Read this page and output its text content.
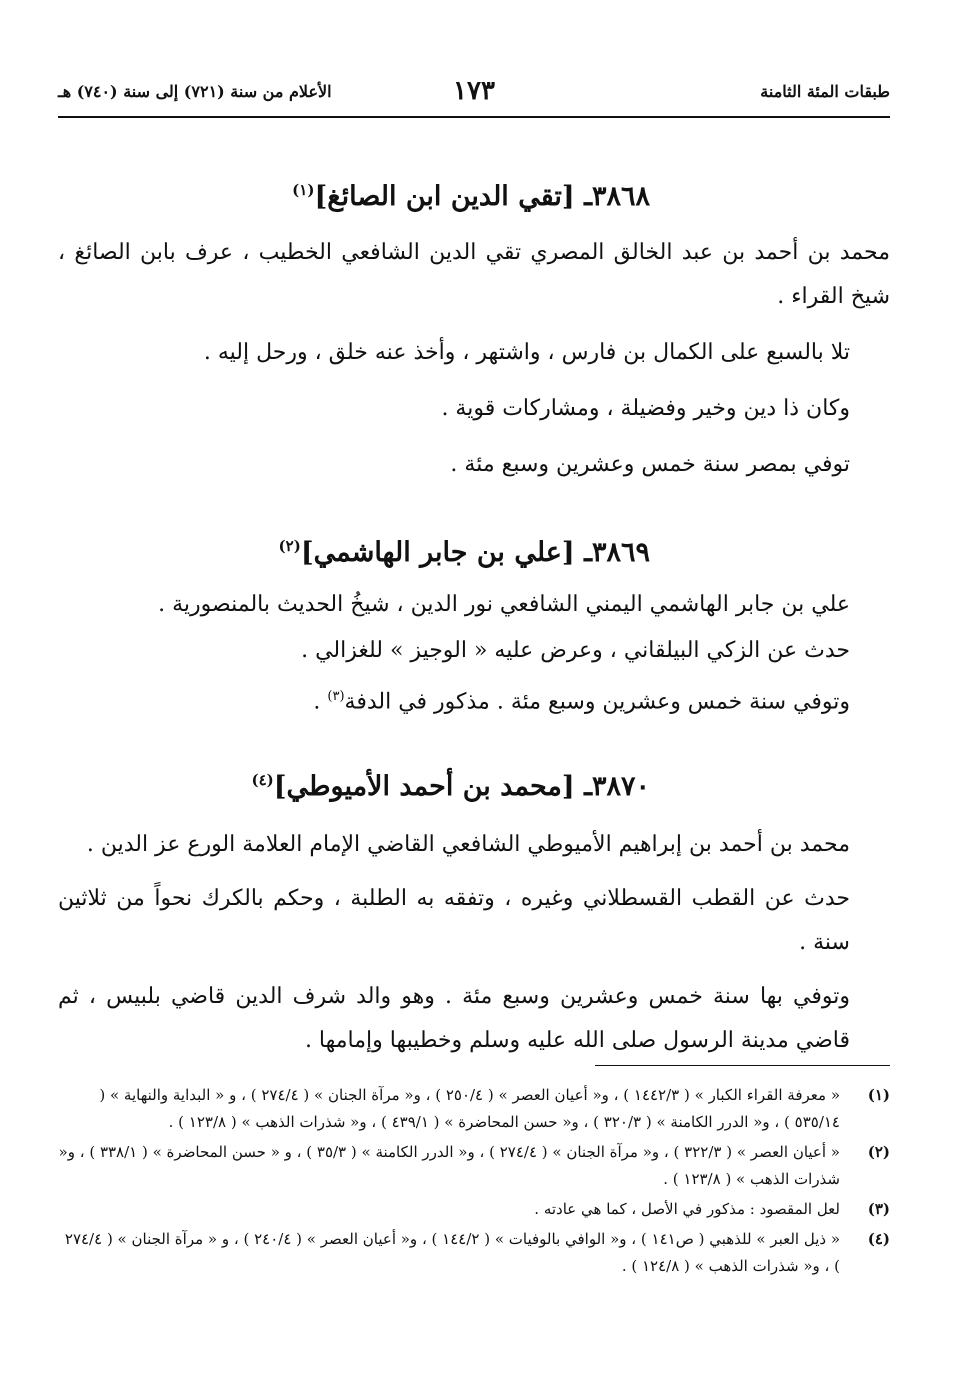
طبقات المئة الثامنة
١٧٣
الأعلام من سنة (٧٢١) إلى سنة (٧٤٠) هـ
٣٨٦٨ـ [تقي الدين ابن الصائغ]$^{(١)}$

محمد بن أحمد بن عبد الخالق المصري تقي الدين الشافعي الخطيب ، عرف بابن الصائغ ، شيخ القراء .

تلا بالسبع على الكمال بن فارس ، واشتهر ، وأخذ عنه خلق ، ورحل إليه .

وكان ذا دين وخير وفضيلة ، ومشاركات قوية .

توفي بمصر سنة خمس وعشرين وسبع مئة .

٣٨٦٩ـ [علي بن جابر الهاشمي]$^{(٢)}$

علي بن جابر الهاشمي اليمني الشافعي نور الدين ، شيخُ الحديث بالمنصورية .

حدث عن الزكي البيلقاني ، وعرض عليه « الوجيز » للغزالي .

وتوفي سنة خمس وعشرين وسبع مئة . مذكور في الدفة$^{(٣)}$ .

٣٨٧٠ـ [محمد بن أحمد الأميوطي]$^{(٤)}$

محمد بن أحمد بن إبراهيم الأميوطي الشافعي القاضي الإمام العلامة الورع عز الدين .

حدث عن القطب القسطلاني وغيره ، وتفقه به الطلبة ، وحكم بالكرك نحواً من ثلاثين سنة .

وتوفي بها سنة خمس وعشرين وسبع مئة . وهو والد شرف الدين قاضي بلبيس ، ثم قاضي مدينة الرسول صلى الله عليه وسلم وخطيبها وإمامها .

(١)
« معرفة القراء الكبار » ( ١٤٤٢/٣ ) ، و« أعيان العصر » ( ٢٥٠/٤ ) ، و« مرآة الجنان » ( ٢٧٤/٤ ) ، و « البداية والنهاية » ( ٥٣٥/١٤ ) ، و« الدرر الكامنة » ( ٣٢٠/٣ ) ، و« حسن المحاضرة » ( ٤٣٩/١ ) ، و« شذرات الذهب » ( ١٢٣/٨ ) .

(٢)
« أعيان العصر » ( ٣٢٢/٣ ) ، و« مرآة الجنان » ( ٢٧٤/٤ ) ، و« الدرر الكامنة » ( ٣٥/٣ ) ، و « حسن المحاضرة » ( ٣٣٨/١ ) ، و« شذرات الذهب » ( ١٢٣/٨ ) .

(٣)
لعل المقصود : مذكور في الأصل ، كما هي عادته .

(٤)
« ذيل العبر » للذهبي ( ص١٤١ ) ، و« الوافي بالوفيات » ( ١٤٤/٢ ) ، و« أعيان العصر » ( ٢٤٠/٤ ) ، و « مرآة الجنان » ( ٢٧٤/٤ ) ، و« شذرات الذهب » ( ١٢٤/٨ ) .
